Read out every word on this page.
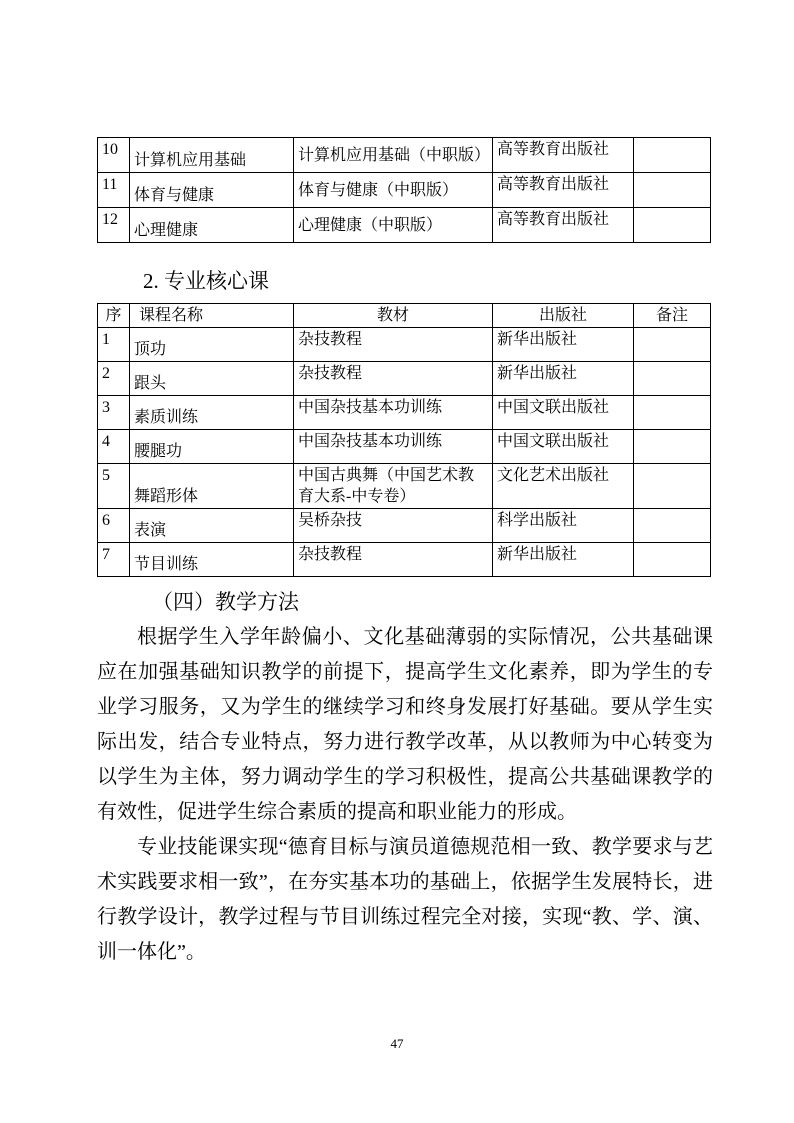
10	计算机应用基础	计算机应用基础（中职版）	高等教育出版社	
11	体育与健康	体育与健康（中职版）	高等教育出版社	
12	心理健康	心理健康（中职版）	高等教育出版社	
2. 专业核心课
序	课程名称	教材	出版社	备注
1	顶功	杂技教程	新华出版社	
2	跟头	杂技教程	新华出版社	
3	素质训练	中国杂技基本功训练	中国文联出版社	
4	腰腿功	中国杂技基本功训练	中国文联出版社	
5	舞蹈形体	中国古典舞（中国艺术教育大系-中专卷）	文化艺术出版社	
6	表演	吴桥杂技	科学出版社	
7	节目训练	杂技教程	新华出版社	
（四）教学方法

根据学生入学年龄偏小、文化基础薄弱的实际情况，公共基础课应在加强基础知识教学的前提下，提高学生文化素养，即为学生的专业学习服务，又为学生的继续学习和终身发展打好基础。要从学生实际出发，结合专业特点，努力进行教学改革，从以教师为中心转变为以学生为主体，努力调动学生的学习积极性，提高公共基础课教学的有效性，促进学生综合素质的提高和职业能力的形成。

专业技能课实现“德育目标与演员道德规范相一致、教学要求与艺术实践要求相一致”，在夯实基本功的基础上，依据学生发展特长，进行教学设计，教学过程与节目训练过程完全对接，实现“教、学、演、训一体化”。

47
